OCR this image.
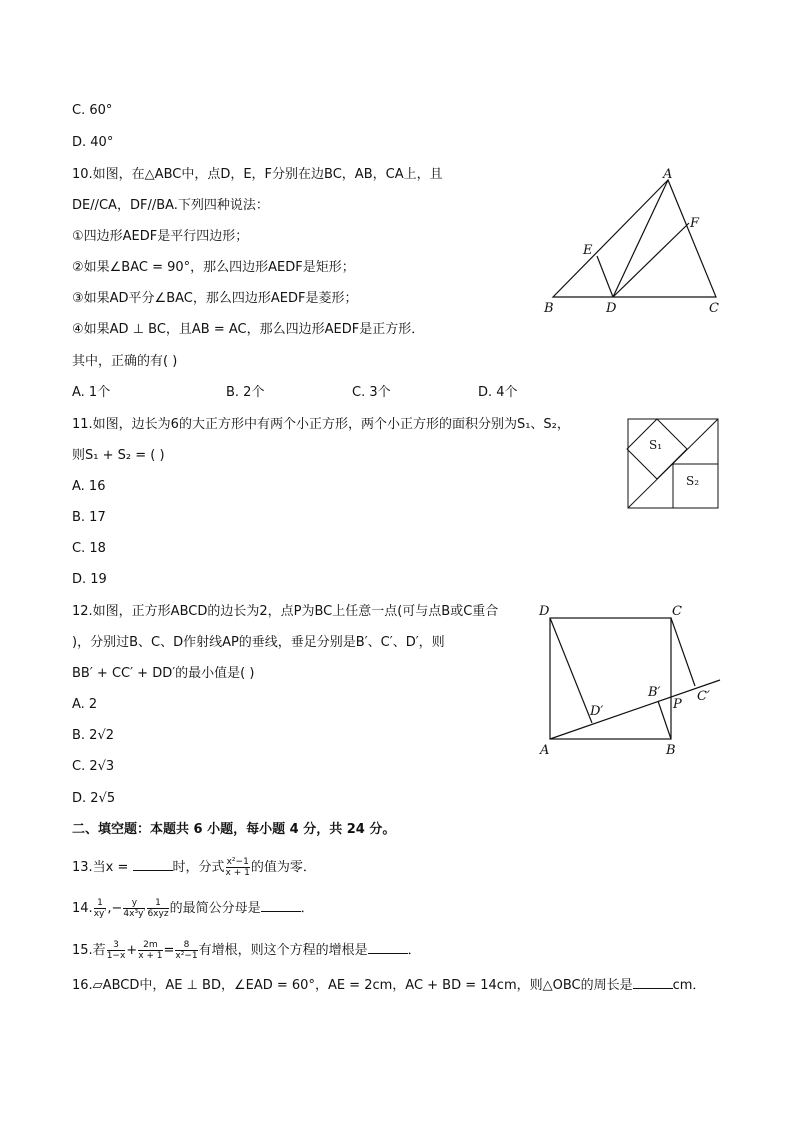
C. 60°
D. 40°
10.如图，在△ABC中，点D，E，F分别在边BC，AB，CA上，且
DE//CA，DF//BA.下列四种说法：
①四边形AEDF是平行四边形；
②如果∠BAC = 90°，那么四边形AEDF是矩形；
③如果AD平分∠BAC，那么四边形AEDF是菱形；
④如果AD ⊥ BC，且AB = AC，那么四边形AEDF是正方形．
其中，正确的有( )
A. 1个	B. 2个	C. 3个	D. 4个
A
B	C
D
E
F
11.如图，边长为6的大正方形中有两个小正方形，两个小正方形的面积分别为S₁、S₂，
则S₁ + S₂ = ( )
A. 16
B. 17
C. 18
D. 19
S₁
S₂
12.如图，正方形ABCD的边长为2，点P为BC上任意一点(可与点B或C重合
)，分别过B、C、D作射线AP的垂线，垂足分别是B′、C′、D′，则
BB′ + CC′ + DD′的最小值是( )
A. 2
B. 2√2
C. 2√3
D. 2√5
D	C
A	B
P
B′	C′
D′
二、填空题：本题共 6 小题，每小题 4 分，共 24 分。
13.当x =	时，分式 $\frac{\text{x²−1}}{x + 1}$ 的值为零．
14. $\frac{1}{xy'}$ ,− $\frac{y}{\text{4x³y′}} \frac{1}{\text{6xyz}}$ 的最简公分母是	．
15.若 $\frac{3}{1-x} + \frac{2m}{x + 1} = \frac{8}{\text{x²−1}}$ 有增根，则这个方程的增根是	．
16.▱ABCD中，AE ⊥ BD，∠EAD = 60°，AE = 2cm，AC + BD = 14cm，则△OBC的周长是	cm．
